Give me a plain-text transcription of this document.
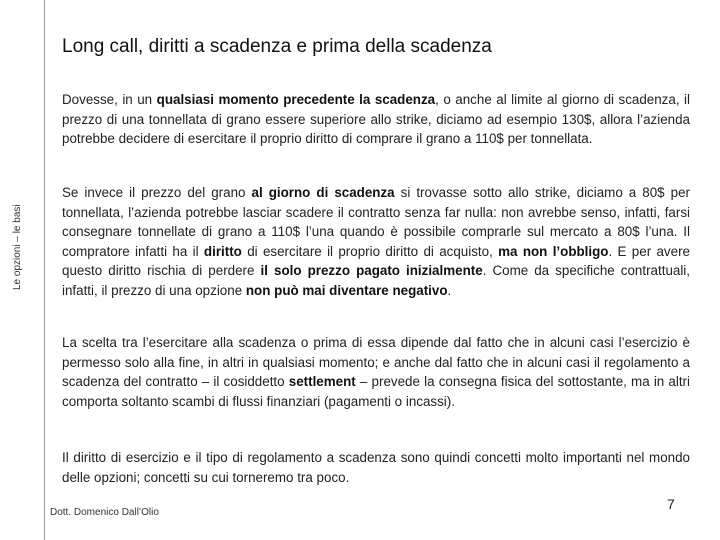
Le opzioni – le basi
Long call, diritti a scadenza e prima della scadenza
Dovesse, in un qualsiasi momento precedente la scadenza, o anche al limite al giorno di scadenza, il prezzo di una tonnellata di grano essere superiore allo strike, diciamo ad esempio 130$, allora l’azienda potrebbe decidere di esercitare il proprio diritto di comprare il grano a 110$ per tonnellata.
Se invece il prezzo del grano al giorno di scadenza si trovasse sotto allo strike, diciamo a 80$ per tonnellata, l’azienda potrebbe lasciar scadere il contratto senza far nulla: non avrebbe senso, infatti, farsi consegnare tonnellate di grano a 110$ l’una quando è possibile comprarle sul mercato a 80$ l’una. Il compratore infatti ha il diritto di esercitare il proprio diritto di acquisto, ma non l’obbligo. E per avere questo diritto rischia di perdere il solo prezzo pagato inizialmente. Come da specifiche contrattuali, infatti, il prezzo di una opzione non può mai diventare negativo.
La scelta tra l’esercitare alla scadenza o prima di essa dipende dal fatto che in alcuni casi l’esercizio è permesso solo alla fine, in altri in qualsiasi momento; e anche dal fatto che in alcuni casi il regolamento a scadenza del contratto – il cosiddetto settlement – prevede la consegna fisica del sottostante, ma in altri comporta soltanto scambi di flussi finanziari (pagamenti o incassi).
Il diritto di esercizio e il tipo di regolamento a scadenza sono quindi concetti molto importanti nel mondo delle opzioni; concetti su cui torneremo tra poco.
Dott. Domenico Dall’Olio
7
